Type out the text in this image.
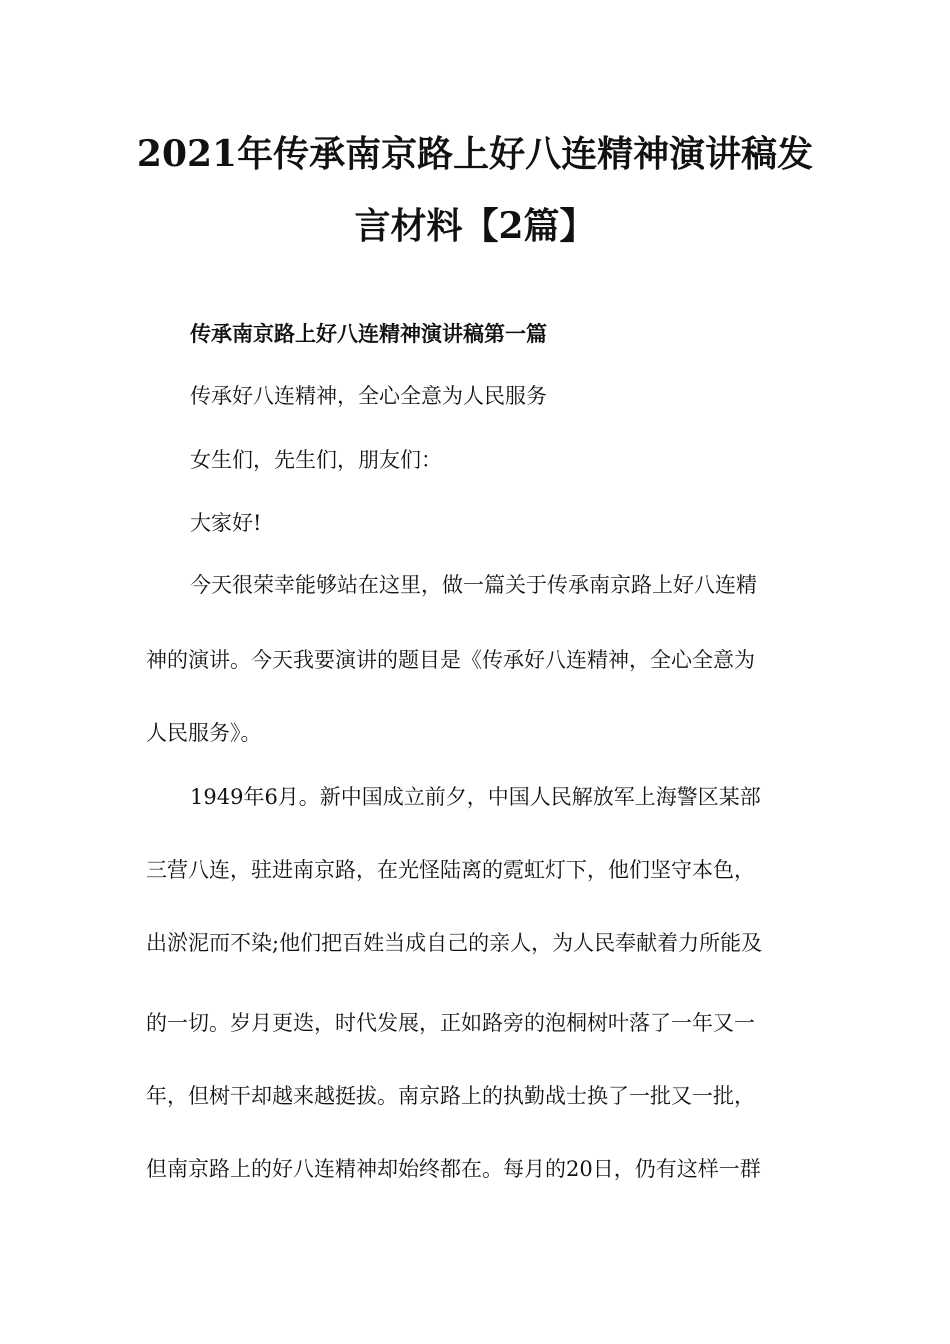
2021年传承南京路上好八连精神演讲稿发
言材料【2篇】

传承南京路上好八连精神演讲稿第一篇

传承好八连精神，全心全意为人民服务

女生们，先生们，朋友们：

大家好!

今天很荣幸能够站在这里，做一篇关于传承南京路上好八连精

神的演讲。今天我要演讲的题目是《传承好八连精神，全心全意为

人民服务》。

1949年6月。新中国成立前夕，中国人民解放军上海警区某部

三营八连，驻进南京路，在光怪陆离的霓虹灯下，他们坚守本色，

出淤泥而不染;他们把百姓当成自己的亲人，为人民奉献着力所能及

的一切。岁月更迭，时代发展，正如路旁的泡桐树叶落了一年又一

年，但树干却越来越挺拔。南京路上的执勤战士换了一批又一批，

但南京路上的好八连精神却始终都在。每月的20日，仍有这样一群
